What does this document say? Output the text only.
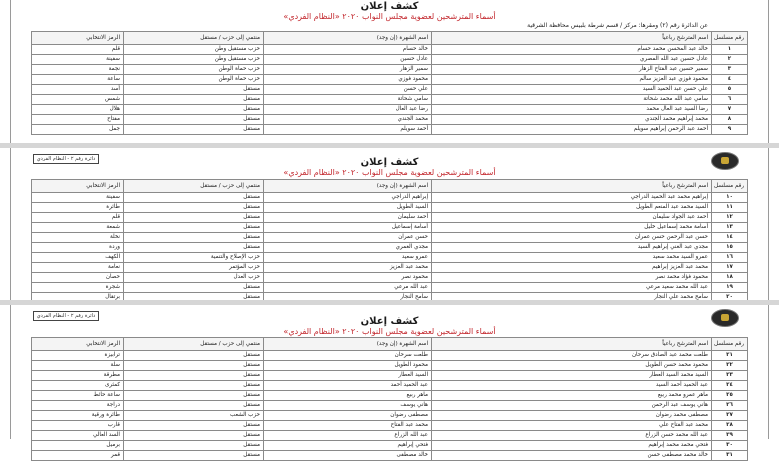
كشف إعلان
أسماء المترشحين لعضوية مجلس النواب ٢٠٢٠ «النظام الفردي»
عن الدائرة رقم (٢) ومقرها: مركز / قسم شرطة بلبيس محافظة الشرقية
رقم مسلسل	اسم المترشح رباعياً	اسم الشهرة (إن وجد)	منتمي إلى حزب / مستقل	الرمز الانتخابي
١	خالد عبد المحسن محمد حسام	خالد حسام	حزب مستقبل وطن	قلم
٢	عادل حسين عبد الله المصري	عادل حسين	حزب مستقبل وطن	سفينة
٣	سمير حسين عبد الفتاح الزهار	سمير الزهار	حزب حماة الوطن	نجمة
٤	محمود فوزي عبد العزيز سالم	محمود فوزي	حزب حماة الوطن	ساعة
٥	علي حسن عبد الحميد السيد	علي حسن	مستقل	أسد
٦	سامي عبد الله محمد شحاتة	سامي شحاتة	مستقل	شمس
٧	رضا السيد عبد العال محمد	رضا عبد العال	مستقل	هلال
٨	محمد إبراهيم محمد الجندي	محمد الجندي	مستقل	مفتاح
٩	أحمد عبد الرحمن إبراهيم سويلم	أحمد سويلم	مستقل	جمل
دائرة رقم ٢ - النظام الفردي	كشف إعلان
أسماء المترشحين لعضوية مجلس النواب ٢٠٢٠ «النظام الفردي»
رقم مسلسل	اسم المترشح رباعياً	اسم الشهرة (إن وجد)	منتمي إلى حزب / مستقل	الرمز الانتخابي
١٠	إبراهيم محمد عبد الحميد الدراجي	إبراهيم الدراجي	مستقل	سفينة
١١	السيد محمد عبد المنعم الطويل	السيد الطويل	مستقل	طائرة
١٢	أحمد عبد الجواد سليمان	أحمد سليمان	مستقل	قلم
١٣	أسامة محمد إسماعيل خليل	أسامة إسماعيل	مستقل	شمعة
١٤	حسن عبد الرحمن حسن عمران	حسن عمران	مستقل	نخلة
١٥	مجدي عبد الغني إبراهيم السيد	مجدي الغمري	مستقل	وردة
١٦	عمرو السيد محمد سعيد	عمرو سعيد	حزب الإصلاح والتنمية	الكهف
١٧	محمد عبد العزيز إبراهيم	محمد عبد العزيز	حزب المؤتمر	نعامة
١٨	محمود فؤاد محمد نصر	محمود نصر	حزب العدل	حصان
١٩	عبد الله محمد سعيد مرعي	عبد الله مرعي	مستقل	شجرة
٢٠	سامح محمد علي النجار	سامح النجار	مستقل	برتقال
دائرة رقم ٢ - النظام الفردي	كشف إعلان
أسماء المترشحين لعضوية مجلس النواب ٢٠٢٠ «النظام الفردي»
رقم مسلسل	اسم المترشح رباعياً	اسم الشهرة (إن وجد)	منتمي إلى حزب / مستقل	الرمز الانتخابي
٢١	طلعت محمد عبد الصادق سرحان	طلعت سرحان	مستقل	ترابيزة
٢٢	محمود محمد حسن الطويل	محمود الطويل	مستقل	سلة
٢٣	السيد محمد السيد العطار	السيد العطار	مستقل	مطرقة
٢٤	عبد الحميد أحمد السيد	عبد الحميد أحمد	مستقل	كمثرى
٢٥	ماهر عمرو محمد ربيع	ماهر ربيع	مستقل	ساعة حائط
٢٦	هاني يوسف عبد الرحمن	هاني يوسف	مستقل	دراجة
٢٧	مصطفى محمد رضوان	مصطفى رضوان	حزب الشعب	طائرة ورقية
٢٨	محمد عبد الفتاح علي	محمد عبد الفتاح	مستقل	قارب
٢٩	عبد الله محمد حسن الزراع	عبد الله الزراع	مستقل	السد العالي
٣٠	فتحي محمد محمد إبراهيم	فتحي إبراهيم	مستقل	برميل
٣١	خالد محمد مصطفى حسن	خالد مصطفى	مستقل	قمر
